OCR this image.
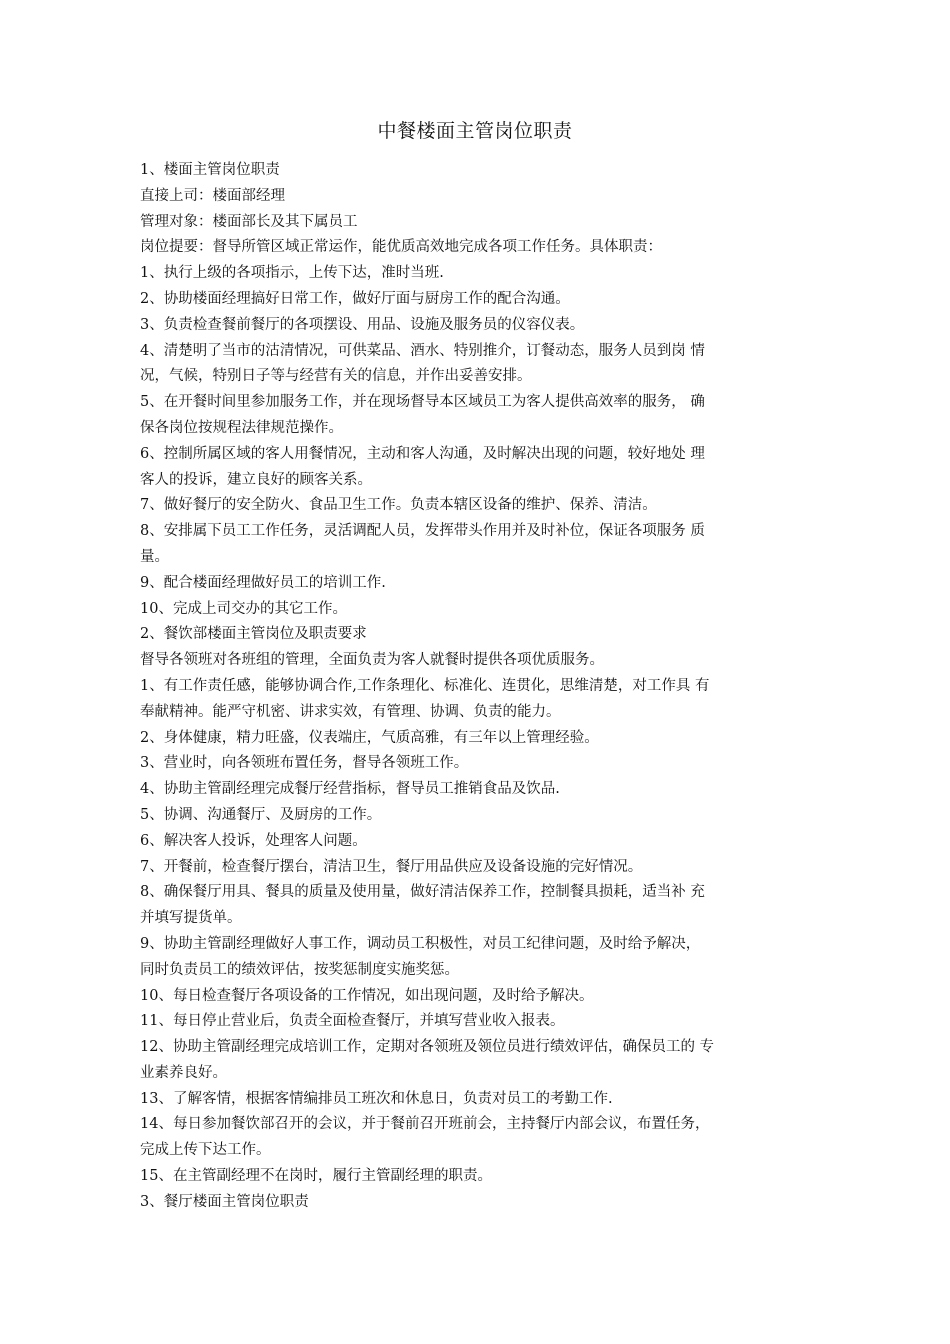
中餐楼面主管岗位职责
1、楼面主管岗位职责
直接上司：楼面部经理
管理对象：楼面部长及其下属员工
岗位提要：督导所管区域正常运作，能优质高效地完成各项工作任务。具体职责：
1、执行上级的各项指示，上传下达，准时当班.
2、协助楼面经理搞好日常工作，做好厅面与厨房工作的配合沟通。
3、负责检查餐前餐厅的各项摆设、用品、设施及服务员的仪容仪表。
4、清楚明了当市的沽清情况，可供菜品、酒水、特别推介，订餐动态，服务人员到岗 情
况，气候，特别日子等与经营有关的信息，并作出妥善安排。
5、在开餐时间里参加服务工作，并在现场督导本区域员工为客人提供高效率的服务， 确
保各岗位按规程法律规范操作。
6、控制所属区域的客人用餐情况，主动和客人沟通，及时解决出现的问题，较好地处 理
客人的投诉，建立良好的顾客关系。
7、做好餐厅的安全防火、食品卫生工作。负责本辖区设备的维护、保养、清洁。
8、安排属下员工工作任务，灵活调配人员，发挥带头作用并及时补位，保证各项服务 质
量。
9、配合楼面经理做好员工的培训工作.
10、完成上司交办的其它工作。
2、餐饮部楼面主管岗位及职责要求
督导各领班对各班组的管理，全面负责为客人就餐时提供各项优质服务。
1、有工作责任感，能够协调合作,工作条理化、标准化、连贯化，思维清楚，对工作具 有
奉献精神。能严守机密、讲求实效，有管理、协调、负责的能力。
2、身体健康，精力旺盛，仪表端庄，气质高雅，有三年以上管理经验。
3、营业时，向各领班布置任务，督导各领班工作。
4、协助主管副经理完成餐厅经营指标，督导员工推销食品及饮品.
5、协调、沟通餐厅、及厨房的工作。
6、解决客人投诉，处理客人问题。
7、开餐前，检查餐厅摆台，清洁卫生，餐厅用品供应及设备设施的完好情况。
8、确保餐厅用具、餐具的质量及使用量，做好清洁保养工作，控制餐具损耗，适当补 充
并填写提货单。
9、协助主管副经理做好人事工作，调动员工积极性，对员工纪律问题，及时给予解决，
同时负责员工的绩效评估，按奖惩制度实施奖惩。
10、每日检查餐厅各项设备的工作情况，如出现问题，及时给予解决。
11、每日停止营业后，负责全面检查餐厅，并填写营业收入报表。
12、协助主管副经理完成培训工作，定期对各领班及领位员进行绩效评估，确保员工的 专
业素养良好。
13、了解客情，根据客情编排员工班次和休息日，负责对员工的考勤工作.
14、每日参加餐饮部召开的会议，并于餐前召开班前会，主持餐厅内部会议，布置任务，
完成上传下达工作。
15、在主管副经理不在岗时，履行主管副经理的职责。
3、餐厅楼面主管岗位职责
